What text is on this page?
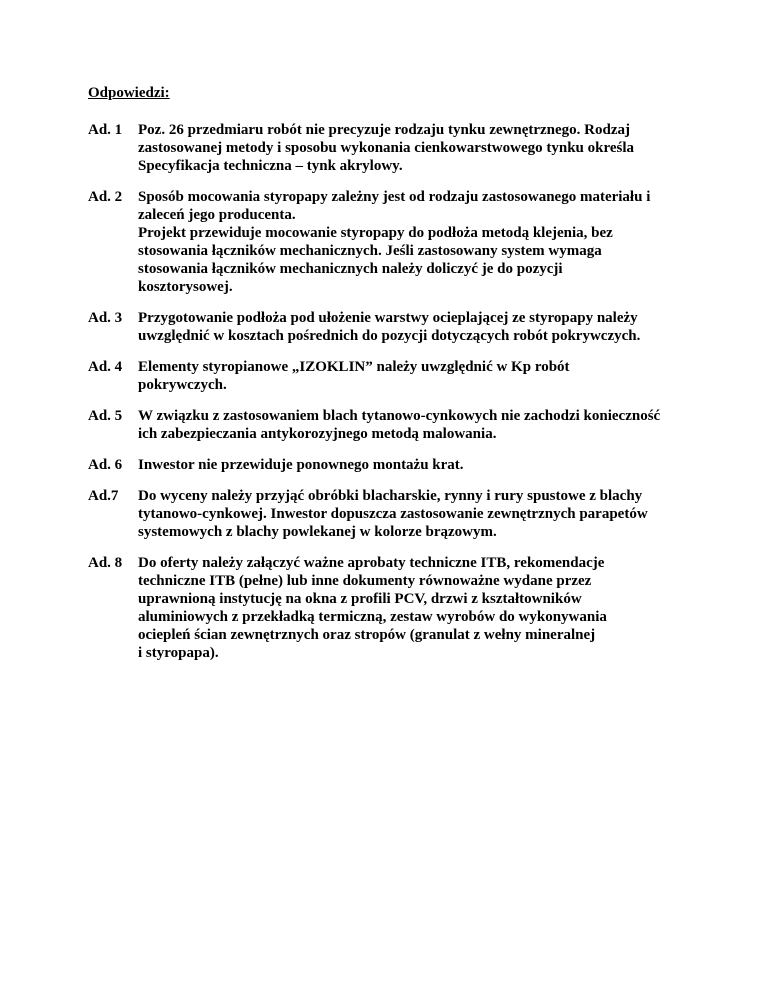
Odpowiedzi:
Ad. 1	Poz. 26 przedmiaru robót nie precyzuje rodzaju tynku zewnętrznego. Rodzaj
zastosowanej metody i sposobu wykonania cienkowarstwowego tynku określa
Specyfikacja techniczna – tynk akrylowy.
Ad. 2	Sposób mocowania styropapy zależny jest od rodzaju zastosowanego materiału i
zaleceń jego producenta.
Projekt przewiduje mocowanie styropapy do podłoża metodą klejenia, bez
stosowania łączników mechanicznych. Jeśli zastosowany system wymaga
stosowania łączników mechanicznych należy doliczyć je do pozycji
kosztorysowej.
Ad. 3	Przygotowanie podłoża pod ułożenie warstwy ocieplającej ze styropapy należy
uwzględnić w kosztach pośrednich do pozycji dotyczących robót pokrywczych.
Ad. 4	Elementy styropianowe „IZOKLIN” należy uwzględnić w Kp robót
pokrywczych.
Ad. 5	W związku z zastosowaniem blach tytanowo-cynkowych nie zachodzi konieczność
ich zabezpieczania antykorozyjnego metodą malowania.
Ad. 6	Inwestor nie przewiduje ponownego montażu krat.
Ad.7	Do wyceny należy przyjąć obróbki blacharskie, rynny i rury spustowe z blachy
tytanowo-cynkowej. Inwestor dopuszcza zastosowanie zewnętrznych parapetów
systemowych z blachy powlekanej w kolorze brązowym.
Ad. 8	Do oferty należy załączyć ważne aprobaty techniczne ITB, rekomendacje
techniczne ITB (pełne) lub inne dokumenty równoważne wydane przez
uprawnioną instytucję na okna z profili PCV, drzwi z kształtowników
aluminiowych z przekładką termiczną, zestaw wyrobów do wykonywania
ociepleń ścian zewnętrznych oraz stropów (granulat z wełny mineralnej
i styropapa).
